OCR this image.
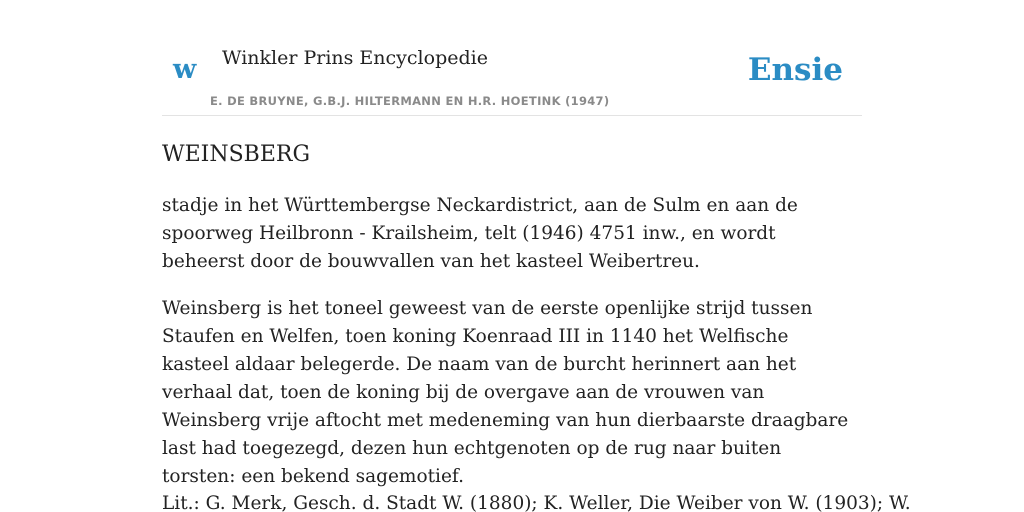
w Winkler Prins Encyclopedie
E. DE BRUYNE, G.B.J. HILTERMANN EN H.R. HOETINK (1947)
Ensie
WEINSBERG

stadje in het Württembergse Neckardistrict, aan de Sulm en aan de spoorweg Heilbronn - Krailsheim, telt (1946) 4751 inw., en wordt beheerst door de bouwvallen van het kasteel Weibertreu.

Weinsberg is het toneel geweest van de eerste openlijke strijd tussen Staufen en Welfen, toen koning Koenraad III in 1140 het Welfische kasteel aldaar belegerde. De naam van de burcht herinnert aan het verhaal dat, toen de koning bij de overgave aan de vrouwen van Weinsberg vrije aftocht met medeneming van hun dierbaarste draagbare last had toegezegd, dezen hun echtgenoten op de rug naar buiten torsten: een bekend sagemotief.

Lit.: G. Merk, Gesch. d. Stadt W. (1880); K. Weller, Die Weiber von W. (1903); W.
